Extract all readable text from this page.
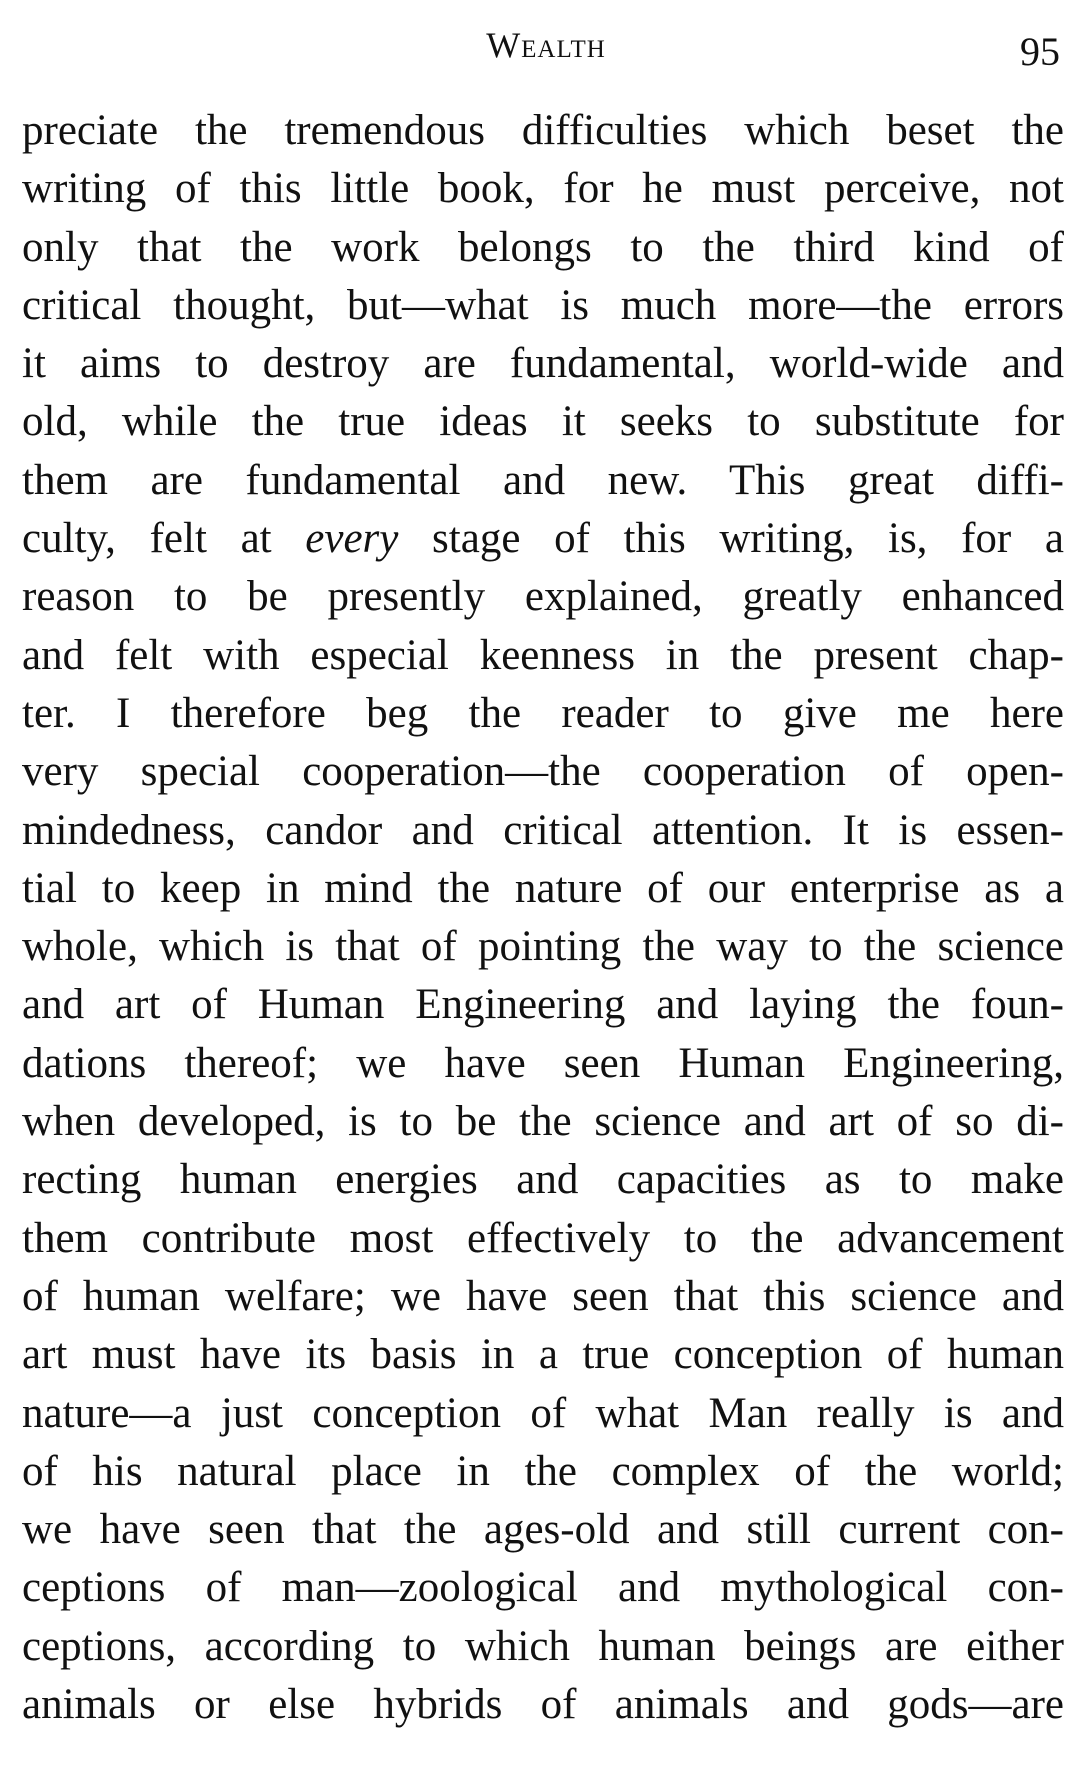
Wealth	95
preciate the tremendous difficulties which beset the
writing of this little book, for he must perceive, not
only that the work belongs to the third kind of
critical thought, but—what is much more—the errors
it aims to destroy are fundamental, world-wide and
old, while the true ideas it seeks to substitute for
them are fundamental and new. This great diffi-
culty, felt at every stage of this writing, is, for a
reason to be presently explained, greatly enhanced
and felt with especial keenness in the present chap-
ter. I therefore beg the reader to give me here
very special cooperation—the cooperation of open-
mindedness, candor and critical attention. It is essen-
tial to keep in mind the nature of our enterprise as a
whole, which is that of pointing the way to the science
and art of Human Engineering and laying the foun-
dations thereof; we have seen Human Engineering,
when developed, is to be the science and art of so di-
recting human energies and capacities as to make
them contribute most effectively to the advancement
of human welfare; we have seen that this science and
art must have its basis in a true conception of human
nature—a just conception of what Man really is and
of his natural place in the complex of the world;
we have seen that the ages-old and still current con-
ceptions of man—zoological and mythological con-
ceptions, according to which human beings are either
animals or else hybrids of animals and gods—are
